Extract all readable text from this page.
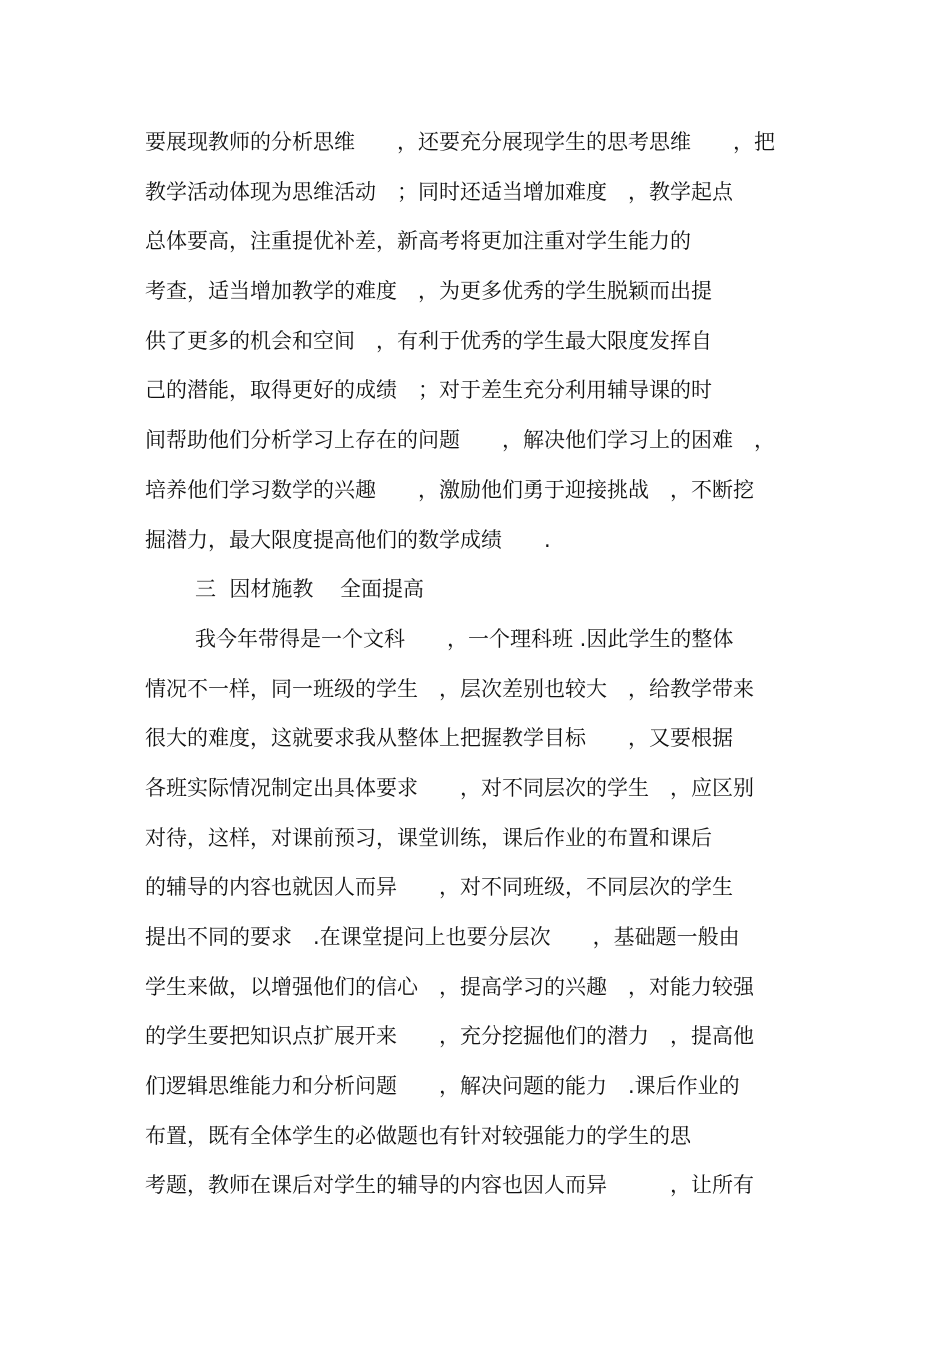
要展现教师的分析思维　　，还要充分展现学生的思考思维　　，把
教学活动体现为思维活动　；同时还适当增加难度　，教学起点
总体要高，注重提优补差，新高考将更加注重对学生能力的
考查，适当增加教学的难度　，为更多优秀的学生脱颖而出提
供了更多的机会和空间　，有利于优秀的学生最大限度发挥自
己的潜能，取得更好的成绩　；对于差生充分利用辅导课的时
间帮助他们分析学习上存在的问题　　，解决他们学习上的困难　，
培养他们学习数学的兴趣　　，激励他们勇于迎接挑战　，不断挖
掘潜力，最大限度提高他们的数学成绩　　.
三  因材施教    全面提高
我今年带得是一个文科　　，一个理科班 .因此学生的整体
情况不一样，同一班级的学生　，层次差别也较大　，给教学带来
很大的难度，这就要求我从整体上把握教学目标　　，又要根据
各班实际情况制定出具体要求　　，对不同层次的学生　，应区别
对待，这样，对课前预习，课堂训练，课后作业的布置和课后
的辅导的内容也就因人而异　　，对不同班级，不同层次的学生
提出不同的要求　.在课堂提问上也要分层次　　，基础题一般由
学生来做，以增强他们的信心　，提高学习的兴趣　，对能力较强
的学生要把知识点扩展开来　　，充分挖掘他们的潜力　，提高他
们逻辑思维能力和分析问题　　，解决问题的能力　.课后作业的
布置，既有全体学生的必做题也有针对较强能力的学生的思
考题，教师在课后对学生的辅导的内容也因人而异　　　，让所有
